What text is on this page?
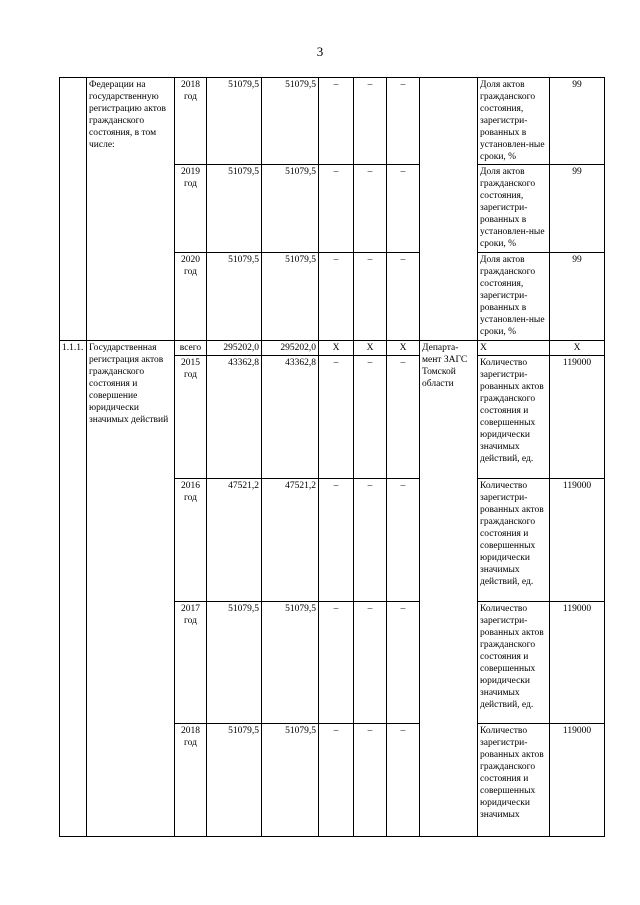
3
	Федерации на государственную регистрацию актов гражданского состояния, в том числе:	2018 год	51079,5	51079,5	–	–	–		Доля актов гражданского состояния, зарегистри-рованных в установлен-ные сроки, %	99
		2019 год	51079,5	51079,5	–	–	–		Доля актов гражданского состояния, зарегистри-рованных в установлен-ные сроки, %	99
		2020 год	51079,5	51079,5	–	–	–		Доля актов гражданского состояния, зарегистри-рованных в установлен-ные сроки, %	99
1.1.1.	Государственная регистрация актов гражданского состояния и совершение юридически значимых действий	всего	295202,0	295202,0	Х	Х	Х	Департа-мент ЗАГС Томской области	Х	Х
		2015 год	43362,8	43362,8	–	–	–		Количество зарегистри-рованных актов гражданского состояния и совершенных юридически значимых действий, ед.	119000
		2016 год	47521,2	47521,2	–	–	–		Количество зарегистри-рованных актов гражданского состояния и совершенных юридически значимых действий, ед.	119000
		2017 год	51079,5	51079,5	–	–	–		Количество зарегистри-рованных актов гражданского состояния и совершенных юридически значимых действий, ед.	119000
		2018 год	51079,5	51079,5	–	–	–		Количество зарегистри-рованных актов гражданского состояния и совершенных юридически значимых	119000
